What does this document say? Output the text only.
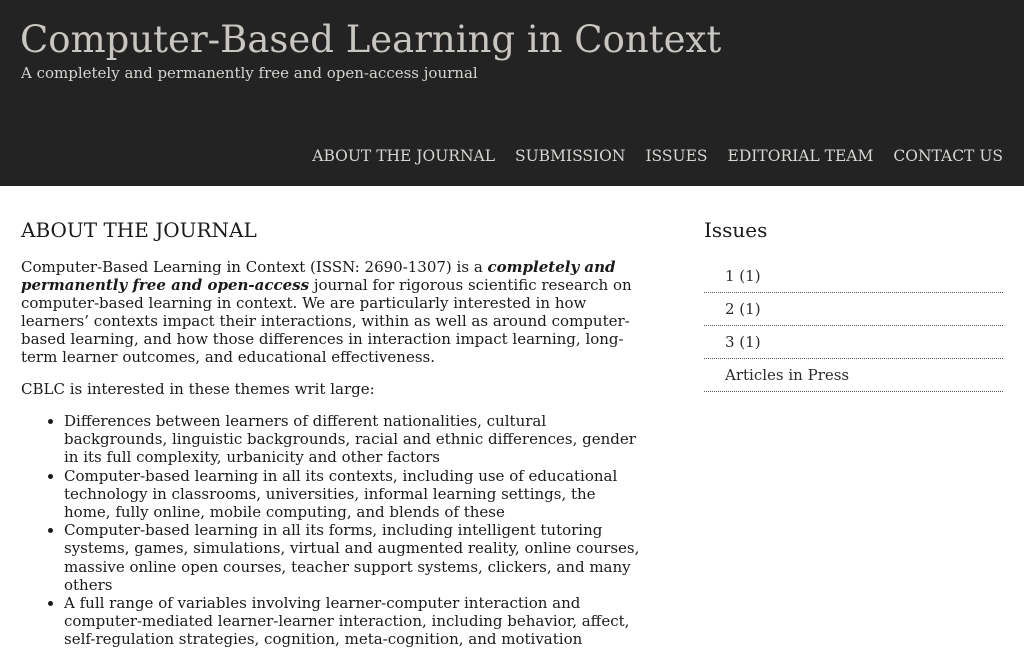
Computer-Based Learning in Context
A completely and permanently free and open-access journal
ABOUT THE JOURNAL SUBMISSION ISSUES EDITORIAL TEAM CONTACT US
ABOUT THE JOURNAL

Computer-Based Learning in Context (ISSN: 2690-1307) is a completely and permanently free and open-access journal for rigorous scientific research on computer-based learning in context. We are particularly interested in how learners’ contexts impact their interactions, within as well as around computer-based learning, and how those differences in interaction impact learning, long-term learner outcomes, and educational effectiveness.

CBLC is interested in these themes writ large:

• Differences between learners of different nationalities, cultural backgrounds, linguistic backgrounds, racial and ethnic differences, gender in its full complexity, urbanicity and other factors
• Computer-based learning in all its contexts, including use of educational technology in classrooms, universities, informal learning settings, the home, fully online, mobile computing, and blends of these
• Computer-based learning in all its forms, including intelligent tutoring systems, games, simulations, virtual and augmented reality, online courses, massive online open courses, teacher support systems, clickers, and many others
• A full range of variables involving learner-computer interaction and computer-mediated learner-learner interaction, including behavior, affect, self-regulation strategies, cognition, meta-cognition, and motivation
Issues
1 (1)
2 (1)
3 (1)
Articles in Press
